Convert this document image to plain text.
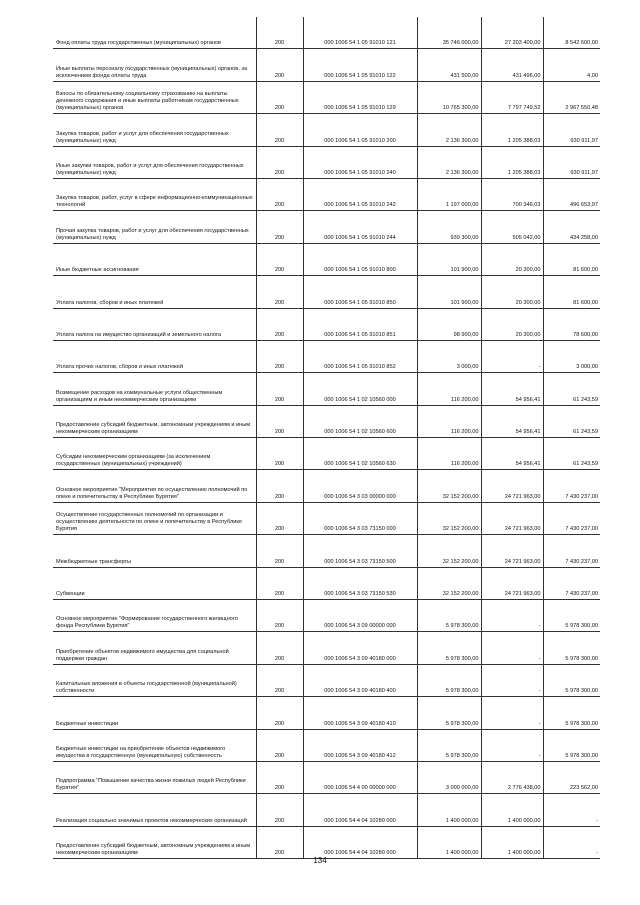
Фонд оплаты труда государственных (муниципальных) органов	200	000 1006 54 1 05 91010 121	35 746 000,00	27 203 400,00	8 542 600,00
Иные выплаты персоналу государственных (муниципальных) органов, за исключением фонда оплаты труда	200	000 1006 54 1 05 91010 122	431 500,00	431 496,00	4,00
Взносы по обязательному социальному страхованию на выплаты денежного содержания и иные выплаты работникам государственных (муниципальных) органов	200	000 1006 54 1 05 91010 129	10 765 300,00	7 797 749,52	2 967 550,48
Закупка товаров, работ и услуг для обеспечения государственных (муниципальных) нужд	200	000 1006 54 1 05 91010 200	2 136 300,00	1 205 388,03	930 911,97
Иные закупки товаров, работ и услуг для обеспечения государственных (муниципальных) нужд	200	000 1006 54 1 05 91010 240	2 136 300,00	1 205 388,03	930 911,97
Закупка товаров, работ, услуг в сфере информационно-коммуникационных технологий	200	000 1006 54 1 05 91010 242	1 197 000,00	700 346,03	496 653,97
Прочая закупка товаров, работ и услуг для обеспечения государственных (муниципальных) нужд	200	000 1006 54 1 05 91010 244	939 300,00	505 042,00	434 258,00
Иные бюджетные ассигнования	200	000 1006 54 1 05 91010 800	101 900,00	20 300,00	81 600,00
Уплата налогов, сборов и иных платежей	200	000 1006 54 1 05 91010 850	101 900,00	20 300,00	81 600,00
Уплата налога на имущество организаций и земельного налога	200	000 1006 54 1 05 91010 851	98 900,00	20 300,00	78 600,00
Уплата прочих налогов, сборов и иных платежей	200	000 1006 54 1 05 91010 852	3 000,00	-	3 000,00
Возмещение расходов на коммунальные услуги общественным организациям и иным некоммерческим организациям	200	000 1006 54 1 02 10560 000	116 200,00	54 956,41	61 243,59
Предоставление субсидий бюджетным, автономным учреждениям и иным некоммерческим организациям	200	000 1006 54 1 02 10560 600	116 200,00	54 956,41	61 243,59
Субсидии некоммерческим организациям (за исключением государственных (муниципальных) учреждений)	200	000 1006 54 1 02 10560 630	116 200,00	54 956,41	61 243,59
Основное мероприятие "Мероприятия по осуществлению полномочий по опеке и попечительству в Республике Бурятия"	200	000 1006 54 3 03 00000 000	32 152 200,00	24 721 963,00	7 430 237,00
Осуществление государственных полномочий по организации и осуществлению деятельности по опеке и попечительству в Республике Бурятия	200	000 1006 54 3 03 73150 000	32 152 200,00	24 721 963,00	7 430 237,00
Межбюджетные трансферты	200	000 1006 54 3 03 73150 500	32 152 200,00	24 721 963,00	7 430 237,00
Субвенции	200	000 1006 54 3 03 73150 530	32 152 200,00	24 721 963,00	7 430 237,00
Основное мероприятие "Формирование государственного жилищного фонда Республики Бурятия"	200	000 1006 54 3 09 00000 000	5 978 300,00	-	5 978 300,00
Приобретение объектов недвижимого имущества для социальной поддержки граждан	200	000 1006 54 3 09 40180 000	5 978 300,00	-	5 978 300,00
Капитальные вложения в объекты государственной (муниципальной) собственности	200	000 1006 54 3 09 40180 400	5 978 300,00	-	5 978 300,00
Бюджетные инвестиции	200	000 1006 54 3 09 40180 410	5 978 300,00	-	5 978 300,00
Бюджетные инвестиции на приобретение объектов недвижимого имущества в государственную (муниципальную) собственность	200	000 1006 54 3 09 40180 412	5 978 300,00	-	5 978 300,00
Подпрограмма "Повышение качества жизни пожилых людей Республики Бурятия"	200	000 1006 54 4 00 00000 000	3 000 000,00	2 776 438,00	223 562,00
Реализация социально значимых проектов некоммерческих организаций	200	000 1006 54 4 04 10280 000	1 400 000,00	1 400 000,00	-
Предоставление субсидий бюджетным, автономным учреждениям и иным некоммерческим организациям	200	000 1006 54 4 04 10280 600	1 400 000,00	1 400 000,00	-
134
